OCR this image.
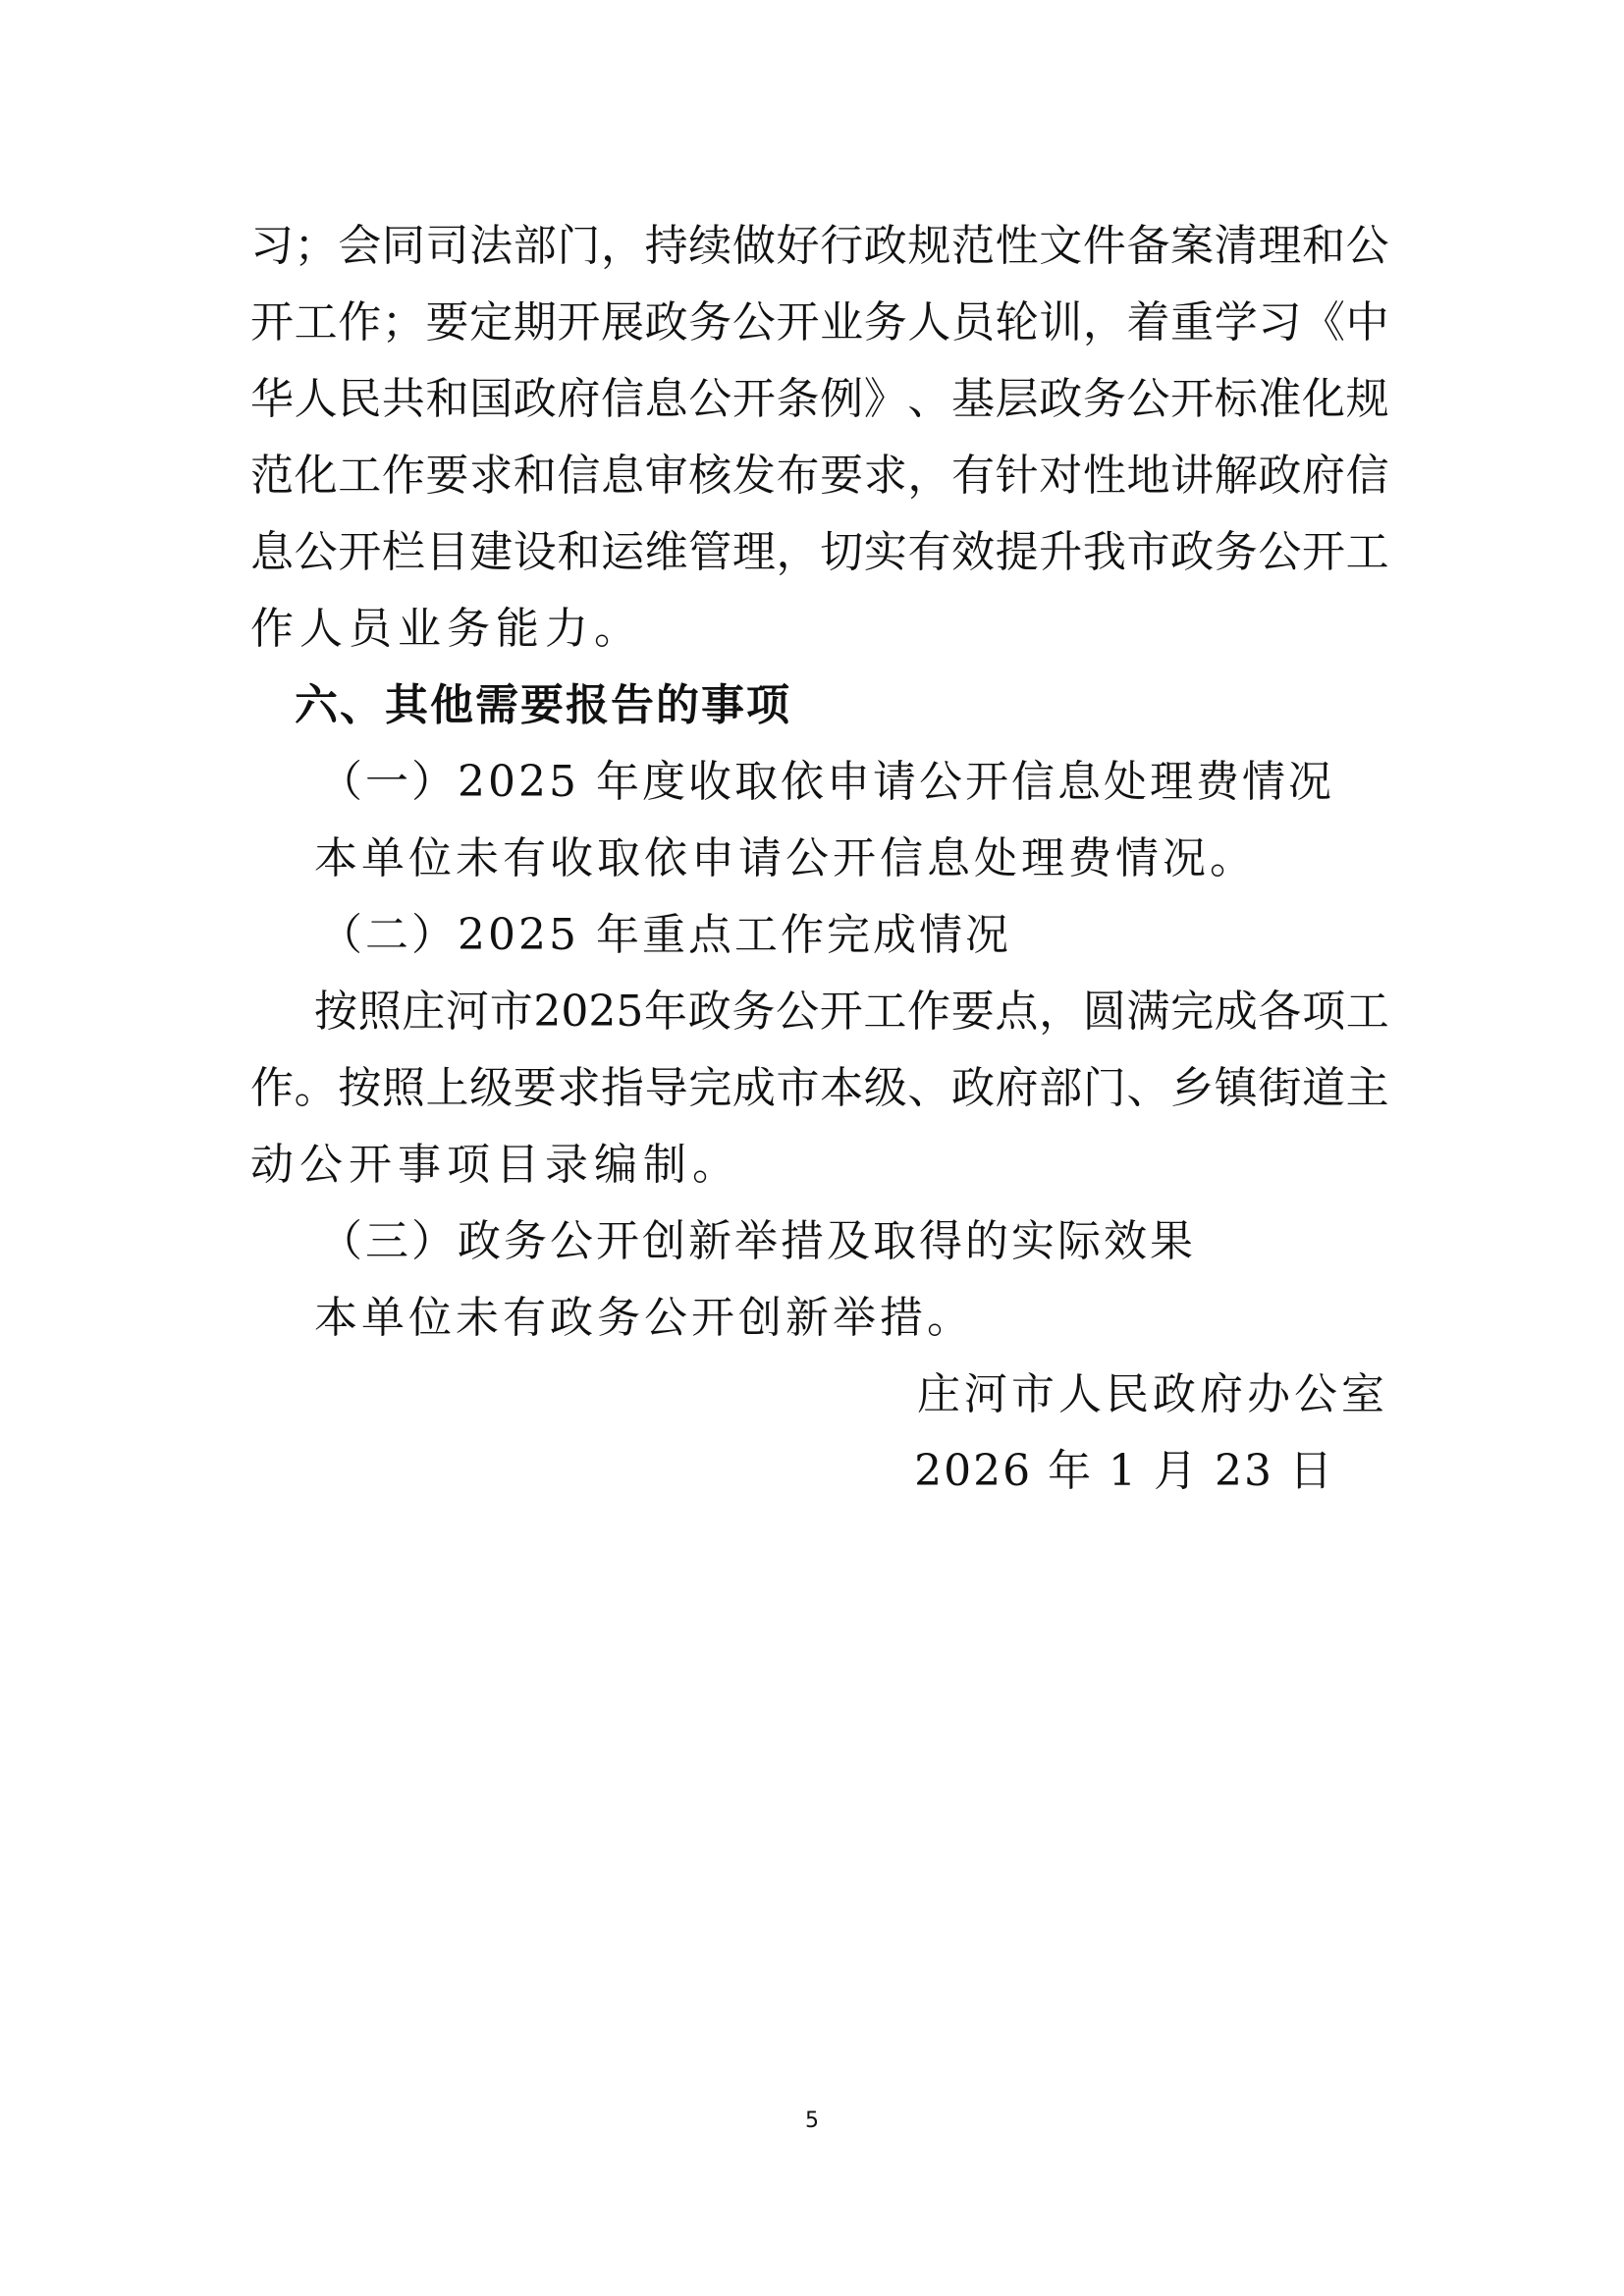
习 ； 会 同 司 法 部 门 ， 持 续 做 好 行 政 规 范 性 文 件 备 案 清 理 和 公
开 工 作 ； 要 定 期 开 展 政 务 公 开 业 务 人 员 轮 训 ， 着 重 学 习 《 中
华 人 民 共 和 国 政 府 信 息 公 开 条 例 》 、 基 层 政 务 公 开 标 准 化 规
范 化 工 作 要 求 和 信 息 审 核 发 布 要 求 ， 有 针 对 性 地 讲 解 政 府 信
息 公 开 栏 目 建 设 和 运 维 管 理 ， 切 实 有 效 提 升 我 市 政 务 公 开 工
作人员业务能力。
六、其他需要报告的事项
（一）2025 年度收取依申请公开信息处理费情况
本单位未有收取依申请公开信息处理费情况。
（二）2025 年重点工作完成情况
按 照 庄 河 市 2025 年 政 务 公 开 工 作 要 点 ， 圆 满 完 成 各 项 工
作 。 按 照 上 级 要 求 指 导 完 成 市 本 级 、 政 府 部 门 、 乡 镇 街 道 主
动公开事项目录编制。
（三）政务公开创新举措及取得的实际效果
本单位未有政务公开创新举措。
庄河市人民政府办公室
2026 年 1 月 23 日
5
